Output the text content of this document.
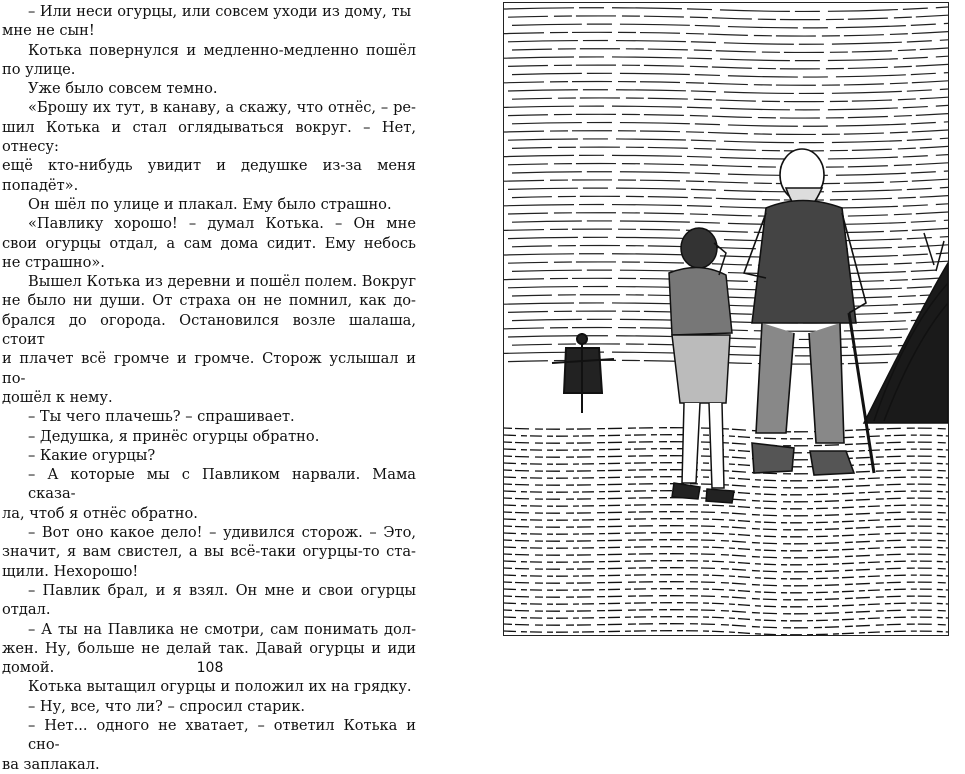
– Или неси огурцы, или совсем уходи из дому, ты

мне не сын!

Котька повернулся и медленно-медленно пошёл

по улице.

Уже было совсем темно.

«Брошу их тут, в канаву, а скажу, что отнёс, – ре-

шил Котька и стал оглядываться вокруг. – Нет, отнесу:

ещё кто-нибудь увидит и дедушке из-за меня попадёт».

Он шёл по улице и плакал. Ему было страшно.

«Павлику хорошо! – думал Котька. – Он мне

свои огурцы отдал, а сам дома сидит. Ему небось

не страшно».

Вышел Котька из деревни и пошёл полем. Вокруг

не было ни души. От страха он не помнил, как до-

брался до огорода. Остановился возле шалаша, стоит

и плачет всё громче и громче. Сторож услышал и по-

дошёл к нему.

– Ты чего плачешь? – спрашивает.

– Дедушка, я принёс огурцы обратно.

– Какие огурцы?

– А которые мы с Павликом нарвали. Мама сказа-

ла, чтоб я отнёс обратно.

– Вот оно какое дело! – удивился сторож. – Это,

значит, я вам свистел, а вы всё-таки огурцы-то ста-

щили. Нехорошо!

– Павлик брал, и я взял. Он мне и свои огурцы

отдал.

– А ты на Павлика не смотри, сам понимать дол-

жен. Ну, больше не делай так. Давай огурцы и иди

домой.

Котька вытащил огурцы и положил их на грядку.

– Ну, все, что ли? – спросил старик.

– Нет... одного не хватает, – ответил Котька и сно-

ва заплакал.

108
